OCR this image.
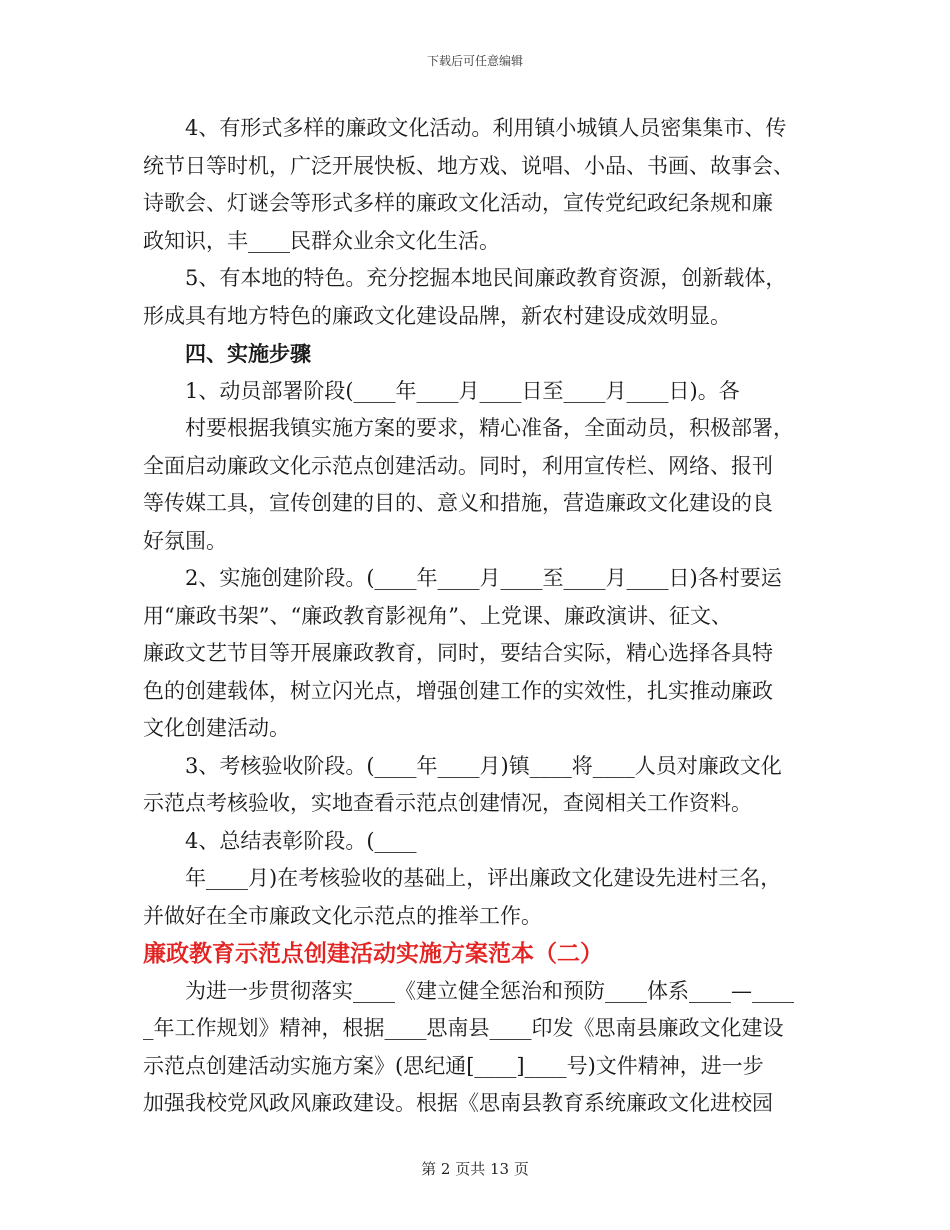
下载后可任意编辑

4、有形式多样的廉政文化活动。利用镇小城镇人员密集集市、传

统节日等时机，广泛开展快板、地方戏、说唱、小品、书画、故事会、

诗歌会、灯谜会等形式多样的廉政文化活动，宣传党纪政纪条规和廉

政知识，丰____民群众业余文化生活。

5、有本地的特色。充分挖掘本地民间廉政教育资源，创新载体，

形成具有地方特色的廉政文化建设品牌，新农村建设成效明显。

四、实施步骤

1、动员部署阶段(____年____月____日至____月____日)。各

村要根据我镇实施方案的要求，精心准备，全面动员，积极部署，

全面启动廉政文化示范点创建活动。同时，利用宣传栏、网络、报刊

等传媒工具，宣传创建的目的、意义和措施，营造廉政文化建设的良

好氛围。

2、实施创建阶段。(____年____月____至____月____日)各村要运

用“廉政书架”、“廉政教育影视角”、上党课、廉政演讲、征文、

廉政文艺节目等开展廉政教育，同时，要结合实际，精心选择各具特

色的创建载体，树立闪光点，增强创建工作的实效性，扎实推动廉政

文化创建活动。

3、考核验收阶段。(____年____月)镇____将____人员对廉政文化

示范点考核验收，实地查看示范点创建情况，查阅相关工作资料。

4、总结表彰阶段。(____

年____月)在考核验收的基础上，评出廉政文化建设先进村三名，

并做好在全市廉政文化示范点的推举工作。

廉政教育示范点创建活动实施方案范本（二）

为进一步贯彻落实____《建立健全惩治和预防____体系____—____

_年工作规划》精神，根据____思南县____印发《思南县廉政文化建设

示范点创建活动实施方案》(思纪通[____]____号)文件精神，进一步

加强我校党风政风廉政建设。根据《思南县教育系统廉政文化进校园

第 2 页共 13 页
